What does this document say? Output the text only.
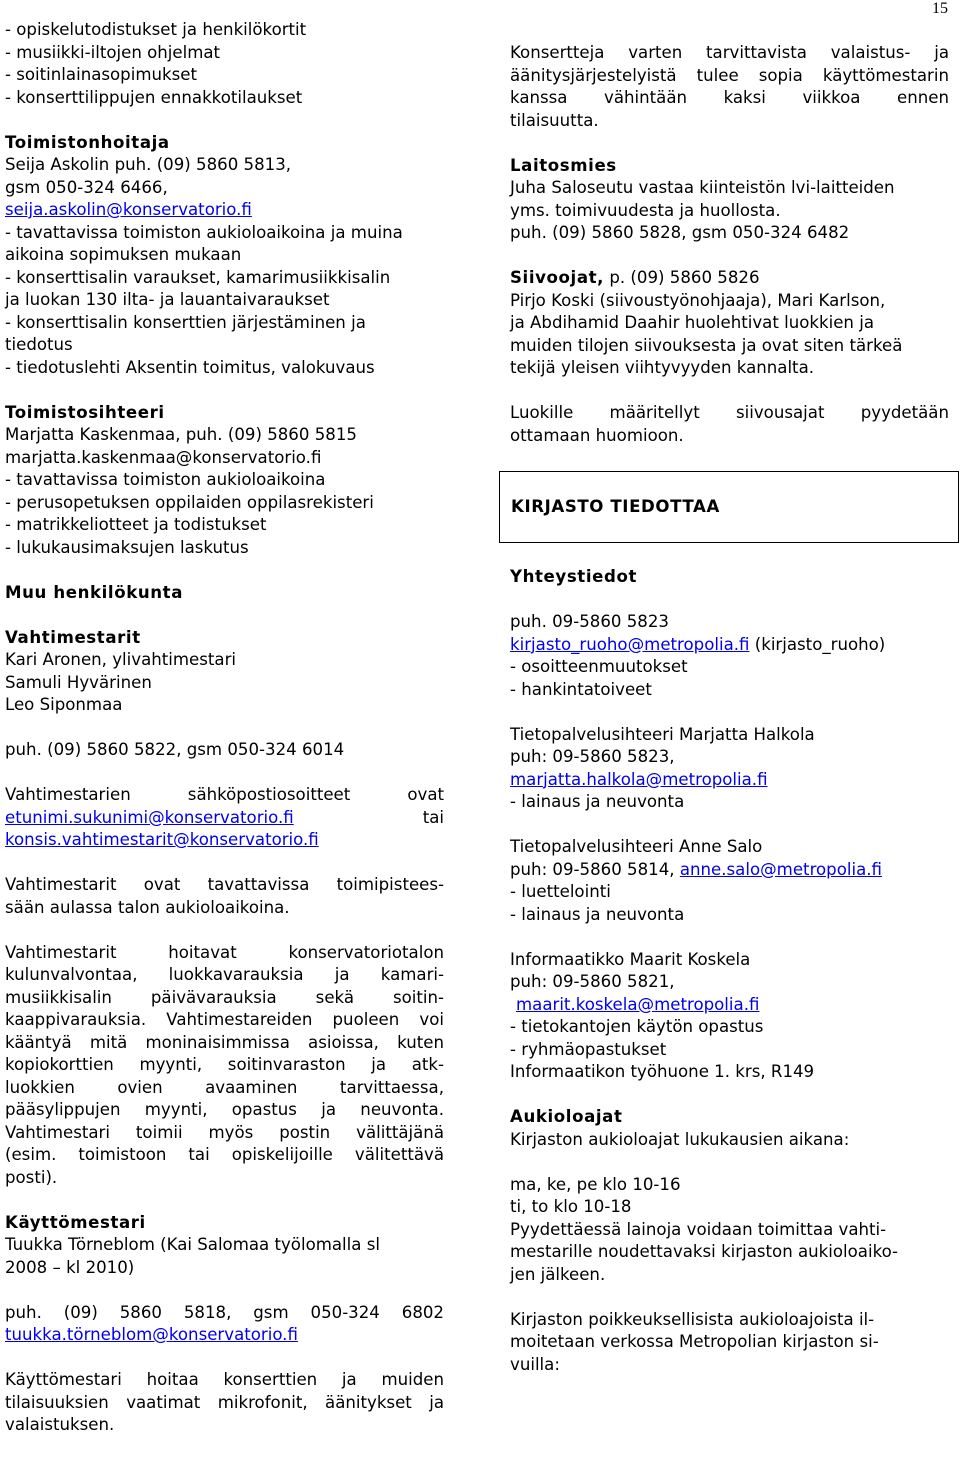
15
- opiskelutodistukset ja henkilökortit
- musiikki-iltojen ohjelmat
- soitinlainasopimukset
- konserttilippujen ennakkotilaukset
Toimistonhoitaja
Seija Askolin puh. (09) 5860 5813,
gsm 050-324 6466,
seija.askolin@konservatorio.fi
- tavattavissa toimiston aukioloaikoina ja muina
aikoina sopimuksen mukaan
- konserttisalin varaukset, kamarimusiikkisalin
ja luokan 130 ilta- ja lauantaivaraukset
- konserttisalin konserttien järjestäminen ja
tiedotus
- tiedotuslehti Aksentin toimitus, valokuvaus
Toimistosihteeri
Marjatta Kaskenmaa, puh. (09) 5860 5815
marjatta.kaskenmaa@konservatorio.fi
- tavattavissa toimiston aukioloaikoina
- perusopetuksen oppilaiden oppilasrekisteri
- matrikkeliotteet ja todistukset
- lukukausimaksujen laskutus
Muu henkilökunta
Vahtimestarit
Kari Aronen, ylivahtimestari
Samuli Hyvärinen
Leo Siponmaa
puh. (09) 5860 5822, gsm 050-324 6014
Vahtimestarien sähköpostiosoitteet ovat
etunimi.sukunimi@konservatorio.fi	tai
konsis.vahtimestarit@konservatorio.fi
Vahtimestarit ovat tavattavissa toimipistees-
sään aulassa talon aukioloaikoina.
Vahtimestarit hoitavat konservatoriotalon
kulunvalvontaa, luokkavarauksia ja kamari-
musiikkisalin päivävarauksia sekä soitin-
kaappivarauksia. Vahtimestareiden puoleen voi
kääntyä mitä moninaisimmissa asioissa, kuten
kopiokorttien myynti, soitinvaraston ja atk-
luokkien ovien avaaminen tarvittaessa,
pääsylippujen myynti, opastus ja neuvonta.
Vahtimestari toimii myös postin välittäjänä
(esim. toimistoon tai opiskelijoille välitettävä
posti).
Käyttömestari
Tuukka Törneblom (Kai Salomaa työlomalla sl
2008 – kl 2010)
puh. (09) 5860 5818, gsm 050-324 6802
tuukka.törneblom@konservatorio.fi
Käyttömestari hoitaa konserttien ja muiden
tilaisuuksien vaatimat mikrofonit, äänitykset ja
valaistuksen.
Konsertteja varten tarvittavista valaistus- ja
äänitysjärjestelyistä tulee sopia käyttömestarin
kanssa vähintään kaksi viikkoa ennen
tilaisuutta.
Laitosmies
Juha Saloseutu vastaa kiinteistön lvi-laitteiden
yms. toimivuudesta ja huollosta.
puh. (09) 5860 5828, gsm 050-324 6482
Siivoojat, p. (09) 5860 5826
Pirjo Koski (siivoustyönohjaaja), Mari Karlson,
ja Abdihamid Daahir huolehtivat luokkien ja
muiden tilojen siivouksesta ja ovat siten tärkeä
tekijä yleisen viihtyvyyden kannalta.
Luokille määritellyt siivousajat pyydetään
ottamaan huomioon.
KIRJASTO TIEDOTTAA
Yhteystiedot
puh. 09-5860 5823
kirjasto_ruoho@metropolia.fi (kirjasto_ruoho)
- osoitteenmuutokset
- hankintatoiveet
Tietopalvelusihteeri Marjatta Halkola
puh: 09-5860 5823,
marjatta.halkola@metropolia.fi
- lainaus ja neuvonta
Tietopalvelusihteeri Anne Salo
puh: 09-5860 5814, anne.salo@metropolia.fi
- luettelointi
- lainaus ja neuvonta
Informaatikko Maarit Koskela
puh: 09-5860 5821,
maarit.koskela@metropolia.fi
- tietokantojen käytön opastus
- ryhmäopastukset
Informaatikon työhuone 1. krs, R149
Aukioloajat
Kirjaston aukioloajat lukukausien aikana:
ma, ke, pe klo 10-16
ti, to klo 10-18
Pyydettäessä lainoja voidaan toimittaa vahti-
mestarille noudettavaksi kirjaston aukioloaiko-
jen jälkeen.
Kirjaston poikkeuksellisista aukioloajoista il-
moitetaan verkossa Metropolian kirjaston si-
vuilla:
